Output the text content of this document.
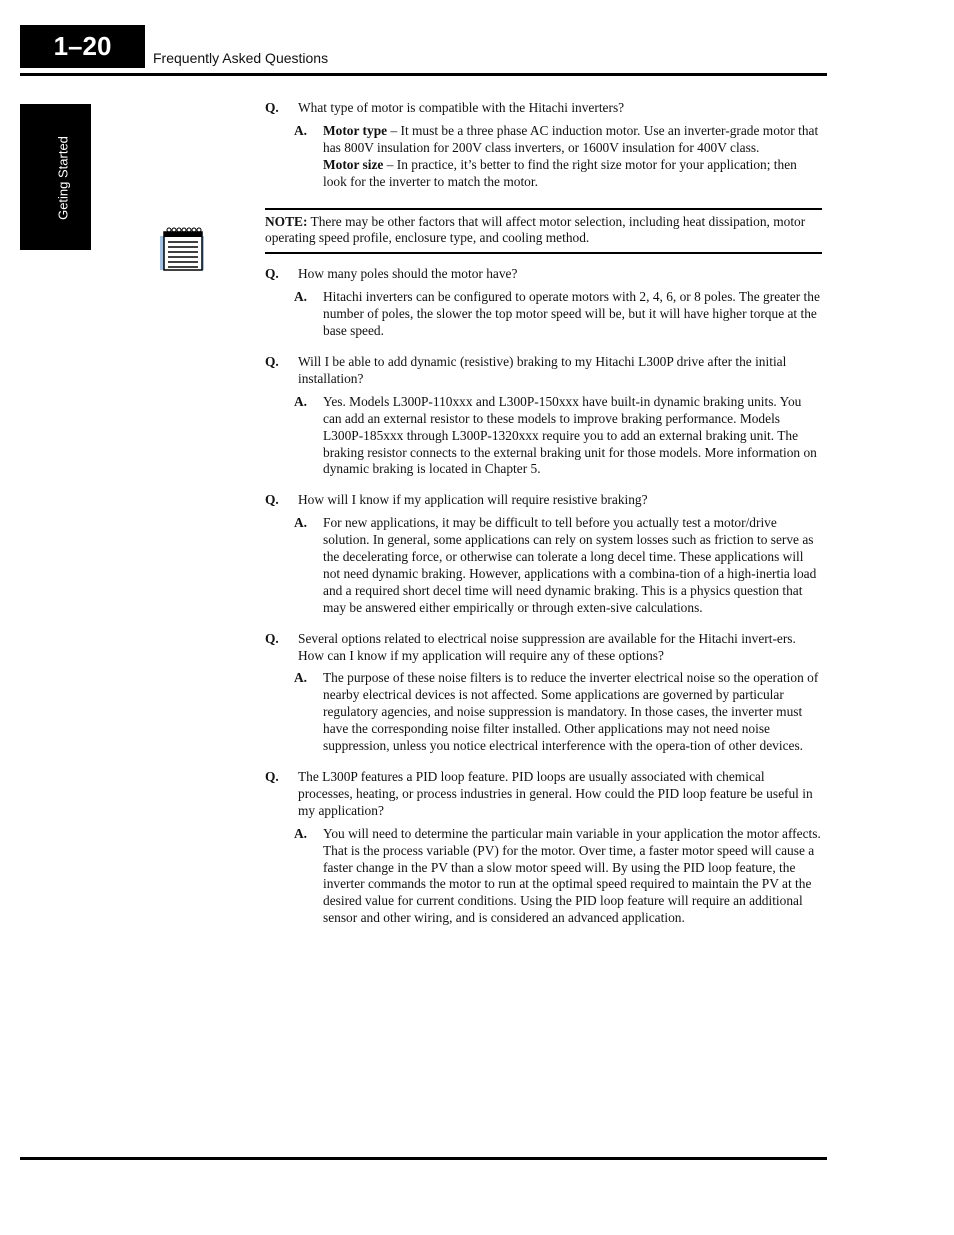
1–20	Frequently Asked Questions
Geting Started
Q.	What type of motor is compatible with the Hitachi inverters?
A.	Motor type – It must be a three phase AC induction motor. Use an inverter-grade motor that has 800V insulation for 200V class inverters, or 1600V insulation for 400V class.

Motor size – In practice, it’s better to find the right size motor for your application; then look for the inverter to match the motor.

NOTE: There may be other factors that will affect motor selection, including heat dissipation, motor operating speed profile, enclosure type, and cooling method.
Q.	How many poles should the motor have?
A.	Hitachi inverters can be configured to operate motors with 2, 4, 6, or 8 poles. The greater the number of poles, the slower the top motor speed will be, but it will have higher torque at the base speed.
Q.	Will I be able to add dynamic (resistive) braking to my Hitachi L300P drive after the initial installation?
A.	Yes. Models L300P-110xxx and L300P-150xxx have built-in dynamic braking units. You can add an external resistor to these models to improve braking performance. Models L300P-185xxx through L300P-1320xxx require you to add an external braking unit. The braking resistor connects to the external braking unit for those models. More information on dynamic braking is located in Chapter 5.
Q.	How will I know if my application will require resistive braking?
A.	For new applications, it may be difficult to tell before you actually test a motor/drive solution. In general, some applications can rely on system losses such as friction to serve as the decelerating force, or otherwise can tolerate a long decel time. These applications will not need dynamic braking. However, applications with a combina-tion of a high-inertia load and a required short decel time will need dynamic braking. This is a physics question that may be answered either empirically or through exten-sive calculations.
Q.	Several options related to electrical noise suppression are available for the Hitachi invert-ers. How can I know if my application will require any of these options?
A.	The purpose of these noise filters is to reduce the inverter electrical noise so the operation of nearby electrical devices is not affected. Some applications are governed by particular regulatory agencies, and noise suppression is mandatory. In those cases, the inverter must have the corresponding noise filter installed. Other applications may not need noise suppression, unless you notice electrical interference with the opera-tion of other devices.
Q.	The L300P features a PID loop feature. PID loops are usually associated with chemical processes, heating, or process industries in general. How could the PID loop feature be useful in my application?
A.	You will need to determine the particular main variable in your application the motor affects. That is the process variable (PV) for the motor. Over time, a faster motor speed will cause a faster change in the PV than a slow motor speed will. By using the PID loop feature, the inverter commands the motor to run at the optimal speed required to maintain the PV at the desired value for current conditions. Using the PID loop feature will require an additional sensor and other wiring, and is considered an advanced application.
